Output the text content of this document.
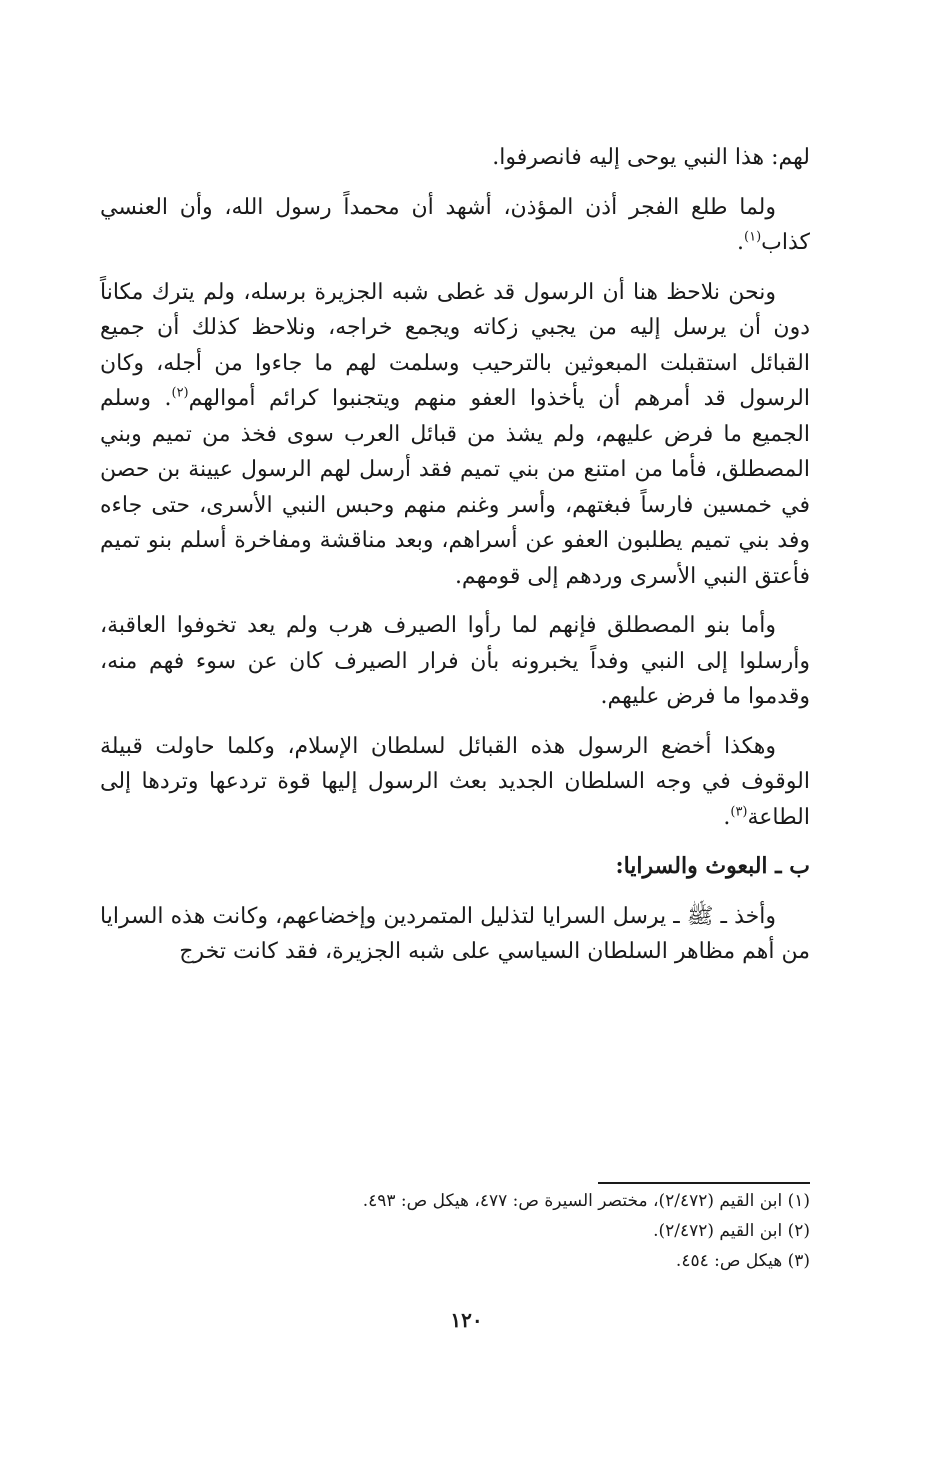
لهم: هذا النبي يوحى إليه فانصرفوا.

ولما طلع الفجر أذن المؤذن، أشهد أن محمداً رسول الله، وأن العنسي كذاب$^{(١)}$.

ونحن نلاحظ هنا أن الرسول قد غطى شبه الجزيرة برسله، ولم يترك مكاناً دون أن يرسل إليه من يجبي زكاته ويجمع خراجه، ونلاحظ كذلك أن جميع القبائل استقبلت المبعوثين بالترحيب وسلمت لهم ما جاءوا من أجله، وكان الرسول قد أمرهم أن يأخذوا العفو منهم ويتجنبوا كرائم أموالهم$^{(٢)}$. وسلم الجميع ما فرض عليهم، ولم يشذ من قبائل العرب سوى فخذ من تميم وبني المصطلق، فأما من امتنع من بني تميم فقد أرسل لهم الرسول عيينة بن حصن في خمسين فارساً فبغتهم، وأسر وغنم منهم وحبس النبي الأسرى، حتى جاءه وفد بني تميم يطلبون العفو عن أسراهم، وبعد مناقشة ومفاخرة أسلم بنو تميم فأعتق النبي الأسرى وردهم إلى قومهم.

وأما بنو المصطلق فإنهم لما رأوا الصيرف هرب ولم يعد تخوفوا العاقبة، وأرسلوا إلى النبي وفداً يخبرونه بأن فرار الصيرف كان عن سوء فهم منه، وقدموا ما فرض عليهم.

وهكذا أخضع الرسول هذه القبائل لسلطان الإسلام، وكلما حاولت قبيلة الوقوف في وجه السلطان الجديد بعث الرسول إليها قوة تردعها وتردها إلى الطاعة$^{(٣)}$.

ب ـ البعوث والسرايا:

وأخذ ـ ﷺ ـ يرسل السرايا لتذليل المتمردين وإخضاعهم، وكانت هذه السرايا من أهم مظاهر السلطان السياسي على شبه الجزيرة، فقد كانت تخرج

(١) ابن القيم (٢/٤٧٢)، مختصر السيرة ص: ٤٧٧، هيكل ص: ٤٩٣.

(٢) ابن القيم (٢/٤٧٢).

(٣) هيكل ص: ٤٥٤.

١٢٠
